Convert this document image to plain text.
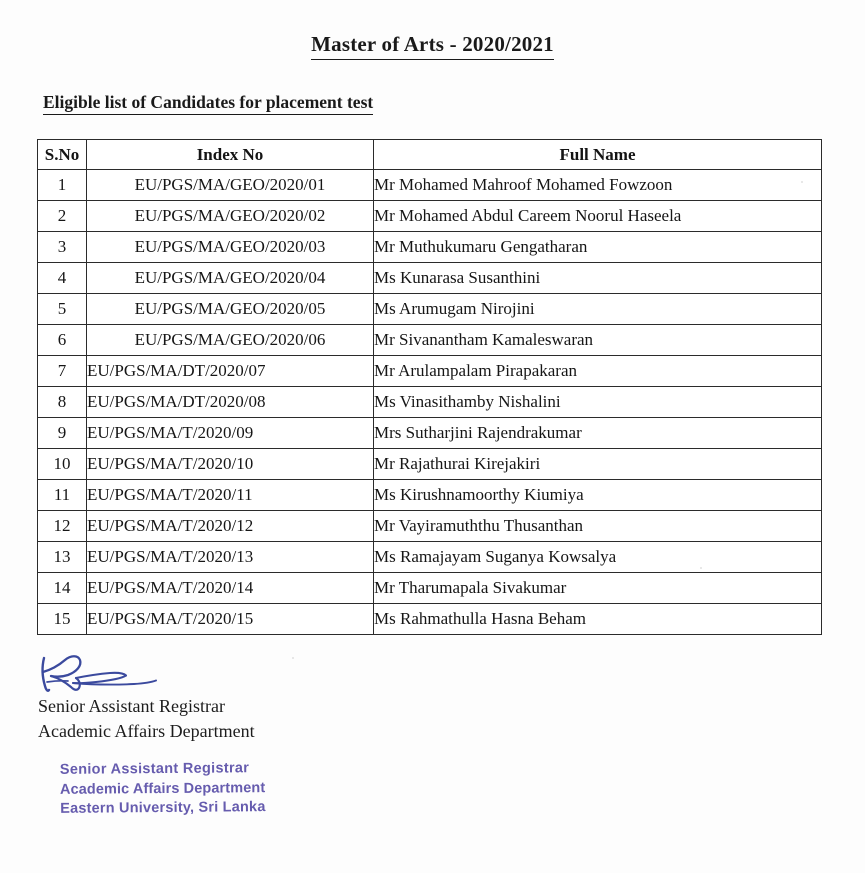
Master of Arts - 2020/2021
Eligible list of Candidates for placement test
S.No	Index No	Full Name
1	EU/PGS/MA/GEO/2020/01	Mr Mohamed Mahroof Mohamed Fowzoon
2	EU/PGS/MA/GEO/2020/02	Mr Mohamed Abdul Careem Noorul Haseela
3	EU/PGS/MA/GEO/2020/03	Mr Muthukumaru Gengatharan
4	EU/PGS/MA/GEO/2020/04	Ms Kunarasa Susanthini
5	EU/PGS/MA/GEO/2020/05	Ms Arumugam Nirojini
6	EU/PGS/MA/GEO/2020/06	Mr Sivanantham Kamaleswaran
7	EU/PGS/MA/DT/2020/07	Mr Arulampalam Pirapakaran
8	EU/PGS/MA/DT/2020/08	Ms Vinasithamby Nishalini
9	EU/PGS/MA/T/2020/09	Mrs Sutharjini Rajendrakumar
10	EU/PGS/MA/T/2020/10	Mr Rajathurai Kirejakiri
11	EU/PGS/MA/T/2020/11	Ms Kirushnamoorthy Kiumiya
12	EU/PGS/MA/T/2020/12	Mr Vayiramuththu Thusanthan
13	EU/PGS/MA/T/2020/13	Ms Ramajayam Suganya Kowsalya
14	EU/PGS/MA/T/2020/14	Mr Tharumapala Sivakumar
15	EU/PGS/MA/T/2020/15	Ms Rahmathulla Hasna Beham
Senior Assistant Registrar
Academic Affairs Department
Senior Assistant Registrar
Academic Affairs Department
Eastern University, Sri Lanka
